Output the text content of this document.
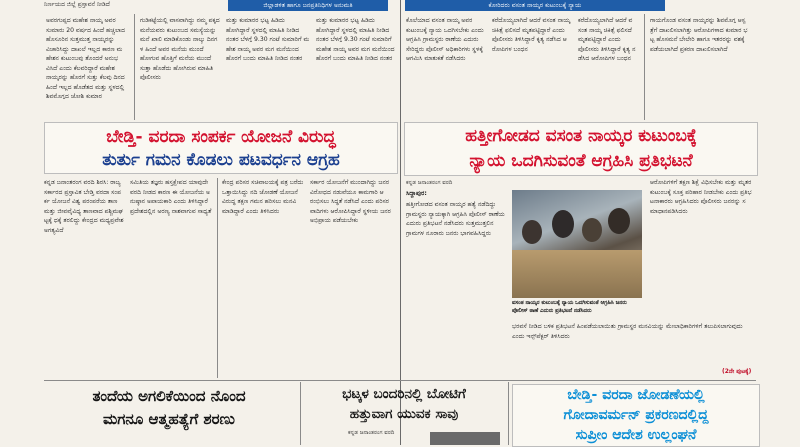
ನಿರ್ಣಯದ ಜಿಲ್ಲೆ ಪ್ರಸ್ತಾವನೆ ನೀಡಿದೆ	ಜಿಲ್ಲಾಡಳಿತ ಹಾಗೂ ಜನಪ್ರತಿನಿಧಿಗಳ ಅನುಮತಿ	ಕೋರಿದರು ವಸಂತ ನಾಯ್ಕರ ಕುಟುಂಬಕ್ಕೆ ನ್ಯಾಯ
ಅವರಗುಪ್ಪದ ಮಹೇಶ ನಾಯ್ಕ ಅವರ ಸುಮಾರು 20 ವರ್ಷದ ಹಿಂದೆ ಹಚ್ಚಲಾದ ಹೊಸೂರಿನ ಸುತ್ತಮುತ್ತ ನಾಯ್ಕರನ್ನು ವಿಚಾರಿಸಿದ್ದು ದಾಖಲೆ ಇಲ್ಲದ ಕಾರಣ ಮಹೇಶನ ಕುಟುಂಬವು ತೊಂದರೆ ಅನುಭವಿಸಿದೆ ಎಂದು ಕೆಲವರಿದ್ದಾರೆ ಮಹೇಶ ನಾಯ್ಕರನ್ನು ಹೊರಗೆ ಸುತ್ತು ಕೆಲವು ದಿನದ ಹಿಂದೆ ಇಲ್ಲದ ಹೊಡೆತದ ಮತ್ತು ಸ್ಥಳದಲ್ಲಿ ಶಿವಮೊಗ್ಗದ ಜೋಶಿ ಕುಮಾರ
ಗುಡಿಕಟ್ಟೆಯಲ್ಲಿ ವಾಸವಾಗಿದ್ದು ನಮ್ಮ ಪಕ್ಕದ ಮನೆಯವರು ಕುಟುಂಬದ ಸಮಸ್ಯೆಯನ್ನು ಮನೆ ಖಾಲಿ ಮಾಡಿಕೊಂಡು ನಾಲ್ಕು ದಿನಗಳ ಹಿಂದೆ ಅವರ ಮನೆಯ ಮುಂದೆ ಹೋಗುವ ಹೊತ್ತಿಗೆ ಮನೆಯ ಮುಂದೆ ಸುತ್ತಾ ಹೊಡೆದು ಹೋಗಿರುವ ಮಾಹಿತಿ ಪೊಲೀಸರು
ಮತ್ತು ಕುಮಾರರ ಭಟ್ಟ ಹಿಡಿದು ಹೋಗಿದ್ದಾರೆ ಸ್ಥಳದಲ್ಲಿ ಮಾಹಿತಿ ನೀಡಿದ ನಂತರ ಬೆಳಗ್ಗೆ 9.30 ಗಂಟೆ ಸುಮಾರಿಗೆ ಮಹೇಶ ನಾಯ್ಕ ಅವರ ಮಗ ಮನೆಯಿಂದ ಹೊರಗೆ ಬಂದು ಮಾಹಿತಿ ನೀಡಿದ ನಂತರ
ಮತ್ತು ಕುಮಾರರ ಭಟ್ಟ ಹಿಡಿದು ಹೋಗಿದ್ದಾರೆ ಸ್ಥಳದಲ್ಲಿ ಮಾಹಿತಿ ನೀಡಿದ ನಂತರ ಬೆಳಗ್ಗೆ 9.30 ಗಂಟೆ ಸುಮಾರಿಗೆ ಮಹೇಶ ನಾಯ್ಕ ಅವರ ಮಗ ಮನೆಯಿಂದ ಹೊರಗೆ ಬಂದು ಮಾಹಿತಿ ನೀಡಿದ ನಂತರ
ಕೊಲೆಯಾದ ವಸಂತ ನಾಯ್ಕ ಅವರ ಕುಟುಂಬಕ್ಕೆ ನ್ಯಾಯ ಒದಗಿಸಬೇಕು ಎಂದು ಆಗ್ರಹಿಸಿ ಗ್ರಾಮಸ್ಥರು ಠಾಣೆಯ ಎದುರು ಸೇರಿದ್ದರು ಪೊಲೀಸ್ ಅಧಿಕಾರಿಗಳು ಸ್ಥಳಕ್ಕೆ ಆಗಮಿಸಿ ಮಾತುಕತೆ ನಡೆಸಿದರು
ಕರೆದೊಯ್ಯಲಾಗಿದೆ ಆದರೆ ವಸಂತ ನಾಯ್ಕ ಚಿಕಿತ್ಸೆ ಫಲಿಸದೆ ಮೃತಪಟ್ಟಿದ್ದಾರೆ ಎಂದು ಪೊಲೀಸರು ತಿಳಿಸಿದ್ದಾರೆ ಕೃತ್ಯ ನಡೆಸಿದ ಆರೋಪಿಗಳ ಬಂಧನ
ಕರೆದೊಯ್ಯಲಾಗಿದೆ ಆದರೆ ವಸಂತ ನಾಯ್ಕ ಚಿಕಿತ್ಸೆ ಫಲಿಸದೆ ಮೃತಪಟ್ಟಿದ್ದಾರೆ ಎಂದು ಪೊಲೀಸರು ತಿಳಿಸಿದ್ದಾರೆ ಕೃತ್ಯ ನಡೆಸಿದ ಆರೋಪಿಗಳ ಬಂಧನ
ಗಾಯಗೊಂಡ ವಸಂತ ನಾಯ್ಕರನ್ನು ಶಿವಮೊಗ್ಗ ಆಸ್ಪತ್ರೆಗೆ ದಾಖಲಿಸಲಾಗಿತ್ತು ಆರೋಪಿಗಳಾದ ಕುಮಾರ ಭಟ್ಟ ಹೊಸಮನೆ ಬೇಲೇರಿ ಹಾಗೂ ಇತರರನ್ನು ವಶಕ್ಕೆ ಪಡೆಯಲಾಗಿದೆ ಪ್ರಕರಣ ದಾಖಲಿಸಲಾಗಿದೆ
ಬೇಡ್ತಿ- ವರದಾ ಸಂಪರ್ಕ ಯೋಜನೆ ವಿರುದ್ಧ
ತುರ್ತು ಗಮನ ಕೊಡಲು ಪಟವರ್ಧನ ಆಗ್ರಹ
ಹತ್ತೀಗೋಡದ ವಸಂತ ನಾಯ್ಕರ ಕುಟುಂಬಕ್ಕೆ
ನ್ಯಾಯ ಒದಗಿಸುವಂತೆ ಆಗ್ರಹಿಸಿ ಪ್ರತಿಭಟನೆ
ಕನ್ನಡ ಜನಾಂತರಂಗ ವರದಿ ಶಿರಸಿ: ರಾಜ್ಯ ಸರ್ಕಾರದ ಪ್ರಸ್ತಾವಿತ ಬೇಡ್ತಿ ವರದಾ ಸಂಪರ್ಕ ಯೋಜನೆ ವಿಶ್ವ ಪರಂಪರೆಯ ತಾಣ ಮತ್ತು ಜೀವವೈವಿಧ್ಯ ತಾಣವಾದ ಪಶ್ಚಿಮಘಟ್ಟಕ್ಕೆ ಧಕ್ಕೆ ತರಲಿದ್ದು ಕೇಂದ್ರದ ಮಧ್ಯಪ್ರವೇಶ ಅಗತ್ಯವಿದೆ
ಸಮಿತಿಯ ತಜ್ಞರು ಹಸ್ತಕ್ಷೇಪದ ಯಾವುದೇ ವರದಿ ನೀಡದ ಕಾರಣ ಈ ಯೋಜನೆಯ ಅನುಷ್ಠಾನ ಅಪಾಯಕಾರಿ ಎಂದು ತಿಳಿಸಿದ್ದಾರೆ ಪ್ರದೇಶದಲ್ಲಿನ ಅರಣ್ಯ ನಾಶವಾಗುವ ಸಾಧ್ಯತೆ
ಕೇಂದ್ರ ಪರಿಸರ ಸಚಿವಾಲಯಕ್ಕೆ ಪತ್ರ ಬರೆದು ಒತ್ತಾಯಿಸಿದ್ದು ನದಿ ಜೋಡಣೆ ಯೋಜನೆ ವಿರುದ್ಧ ತಕ್ಷಣ ಗಮನ ಹರಿಸಲು ಮನವಿ ಮಾಡಿದ್ದಾರೆ ಎಂದು ತಿಳಿಸಿದರು
ಸರ್ಕಾರ ಯೋಜನೆಗೆ ಮುಂದಾಗಿದ್ದು ಜನರ ವಿರೋಧದ ನಡುವೆಯೂ ಕಾಮಗಾರಿ ಆರಂಭಿಸಲು ಸಿದ್ಧತೆ ನಡೆಸಿದೆ ಎಂದು ಪರಿಸರವಾದಿಗಳು ಆರೋಪಿಸಿದ್ದಾರೆ ಸ್ಥಳೀಯ ಜನರ ಅಭಿಪ್ರಾಯ ಪಡೆಯಬೇಕು
ಕನ್ನಡ ಜನಾಂತರಂಗ ವರದಿ
ಸಿದ್ದಾಪುರ:
ಹತ್ತೀಗೋಡದ ವಸಂತ ನಾಯ್ಕರ ಹತ್ಯೆ ನಡೆದಿದ್ದು ಗ್ರಾಮಸ್ಥರು ನ್ಯಾಯಕ್ಕಾಗಿ ಆಗ್ರಹಿಸಿ ಪೊಲೀಸ್ ಠಾಣೆಯ ಎದುರು ಪ್ರತಿಭಟನೆ ನಡೆಸಿದರು ಸುತ್ತಮುತ್ತಲಿನ ಗ್ರಾಮಗಳ ನೂರಾರು ಜನರು ಭಾಗವಹಿಸಿದ್ದರು
ವಸಂತ ನಾಯ್ಕರ ಕುಟುಂಬಕ್ಕೆ ನ್ಯಾಯ ಒದಗಿಸುವಂತೆ ಆಗ್ರಹಿಸಿ ಜನರು ಪೊಲೀಸ್ ಠಾಣೆ ಎದುರು ಪ್ರತಿಭಟನೆ ನಡೆಸಿದರು
ಆರೋಪಿಗಳಿಗೆ ತಕ್ಷಣ ಶಿಕ್ಷೆ ವಿಧಿಸಬೇಕು ಮತ್ತು ಮೃತರ ಕುಟುಂಬಕ್ಕೆ ಸೂಕ್ತ ಪರಿಹಾರ ನೀಡಬೇಕು ಎಂದು ಪ್ರತಿಭಟನಾಕಾರರು ಆಗ್ರಹಿಸಿದರು ಪೊಲೀಸರು ಜನರನ್ನು ಸಮಾಧಾನಪಡಿಸಿದರು
ಭರವಸೆ ನೀಡಿದ ಬಳಿಕ ಪ್ರತಿಭಟನೆ ಹಿಂಪಡೆಯಲಾಯಿತು ಗ್ರಾಮಸ್ಥರ ಮನವಿಯನ್ನು ಮೇಲಾಧಿಕಾರಿಗಳಿಗೆ ತಲುಪಿಸಲಾಗುವುದು ಎಂದು ಇನ್ಸ್‌ಪೆಕ್ಟರ್ ತಿಳಿಸಿದರು
(2ನೇ ಪುಟಕ್ಕೆ)
ತಂದೆಯ ಅಗಲಿಕೆಯಿಂದ ನೊಂದ
ಮಗನೂ ಆತ್ಮಹತ್ಯೆಗೆ ಶರಣು
ಭಟ್ಕಳ ಬಂದರಿನಲ್ಲಿ ಬೋಟಿಗೆ
ಹತ್ತುವಾಗ ಯುವಕ ಸಾವು
ಕನ್ನಡ ಜನಾಂತರಂಗ ವರದಿ
ಬೇಡ್ತಿ- ವರದಾ ಜೋಡಣೆಯಲ್ಲಿ
ಗೋದಾವರ್ಮನ್ ಪ್ರಕರಣದಲ್ಲಿದ್ದ
ಸುಪ್ರೀಂ ಆದೇಶ ಉಲ್ಲಂಘನೆ
